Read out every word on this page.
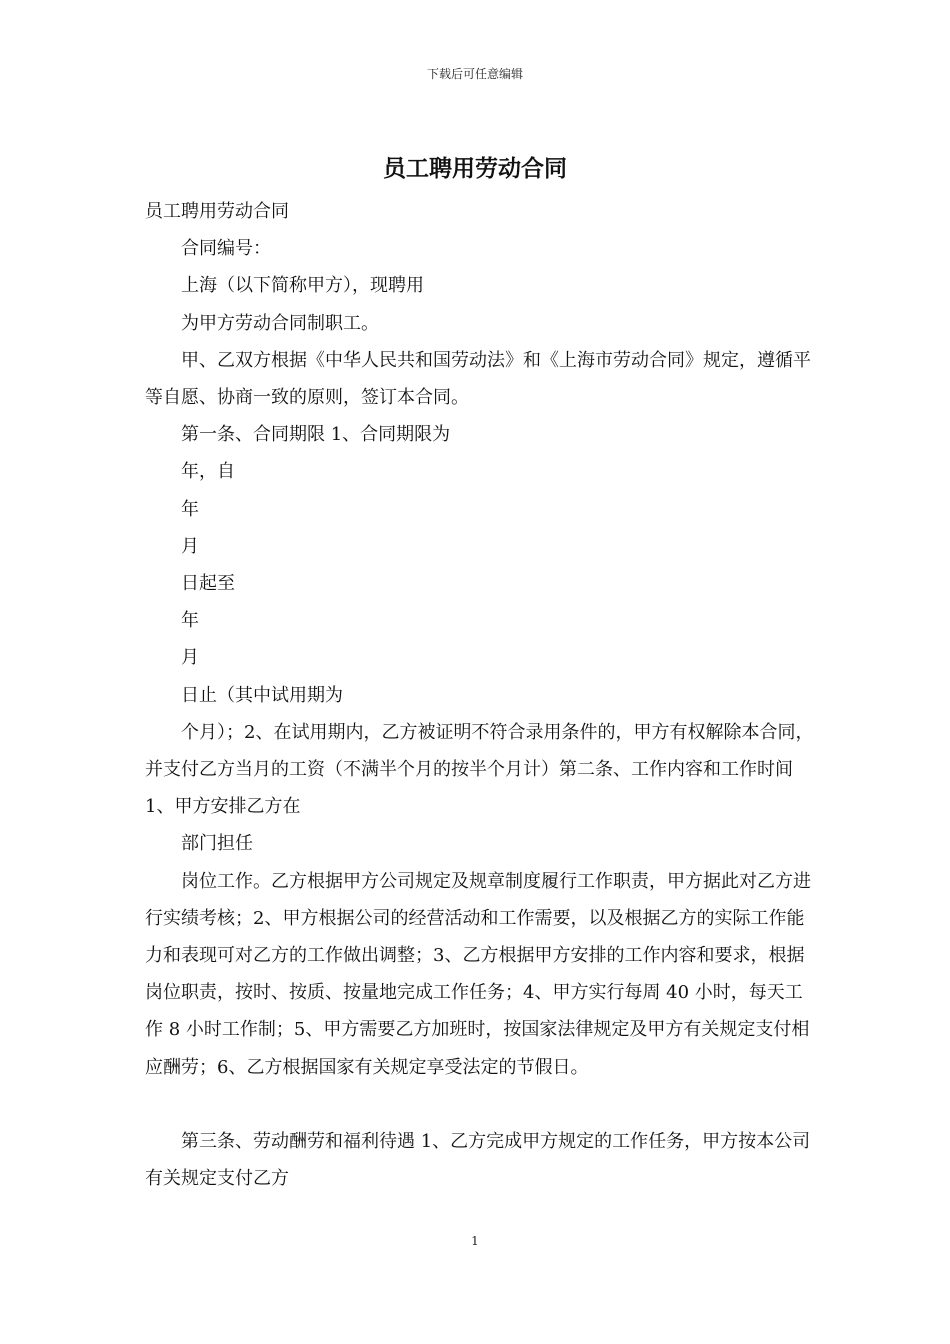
下载后可任意编辑
员工聘用劳动合同

员工聘用劳动合同

合同编号：

上海（以下简称甲方），现聘用

为甲方劳动合同制职工。

甲、乙双方根据《中华人民共和国劳动法》和《上海市劳动合同》规定，遵循平等自愿、协商一致的原则，签订本合同。

第一条、合同期限 1、合同期限为

年，自

年

月

日起至

年

月

日止（其中试用期为

个月）；2、在试用期内，乙方被证明不符合录用条件的，甲方有权解除本合同，并支付乙方当月的工资（不满半个月的按半个月计）第二条、工作内容和工作时间 1、甲方安排乙方在

部门担任

岗位工作。乙方根据甲方公司规定及规章制度履行工作职责，甲方据此对乙方进行实绩考核；2、甲方根据公司的经营活动和工作需要，以及根据乙方的实际工作能力和表现可对乙方的工作做出调整；3、乙方根据甲方安排的工作内容和要求，根据岗位职责，按时、按质、按量地完成工作任务；4、甲方实行每周 40 小时，每天工作 8 小时工作制；5、甲方需要乙方加班时，按国家法律规定及甲方有关规定支付相应酬劳；6、乙方根据国家有关规定享受法定的节假日。

第三条、劳动酬劳和福利待遇 1、乙方完成甲方规定的工作任务，甲方按本公司有关规定支付乙方

1
